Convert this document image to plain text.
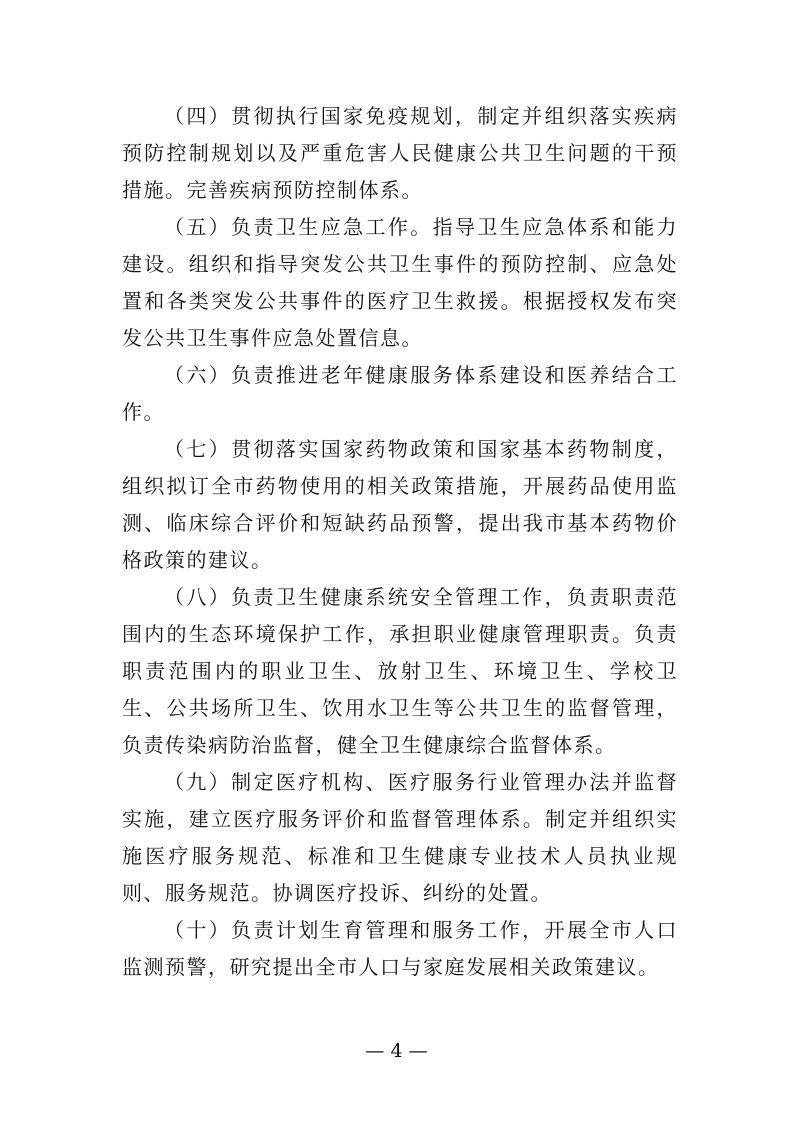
（四）贯彻执行国家免疫规划，制定并组织落实疾病预防控制规划以及严重危害人民健康公共卫生问题的干预措施。完善疾病预防控制体系。

（五）负责卫生应急工作。指导卫生应急体系和能力建设。组织和指导突发公共卫生事件的预防控制、应急处置和各类突发公共事件的医疗卫生救援。根据授权发布突发公共卫生事件应急处置信息。

（六）负责推进老年健康服务体系建设和医养结合工作。

（七）贯彻落实国家药物政策和国家基本药物制度，组织拟订全市药物使用的相关政策措施，开展药品使用监测、临床综合评价和短缺药品预警，提出我市基本药物价格政策的建议。

（八）负责卫生健康系统安全管理工作，负责职责范围内的生态环境保护工作，承担职业健康管理职责。负责职责范围内的职业卫生、放射卫生、环境卫生、学校卫生、公共场所卫生、饮用水卫生等公共卫生的监督管理，负责传染病防治监督，健全卫生健康综合监督体系。

（九）制定医疗机构、医疗服务行业管理办法并监督实施，建立医疗服务评价和监督管理体系。制定并组织实施医疗服务规范、标准和卫生健康专业技术人员执业规则、服务规范。协调医疗投诉、纠纷的处置。

（十）负责计划生育管理和服务工作，开展全市人口监测预警，研究提出全市人口与家庭发展相关政策建议。

— 4 —
